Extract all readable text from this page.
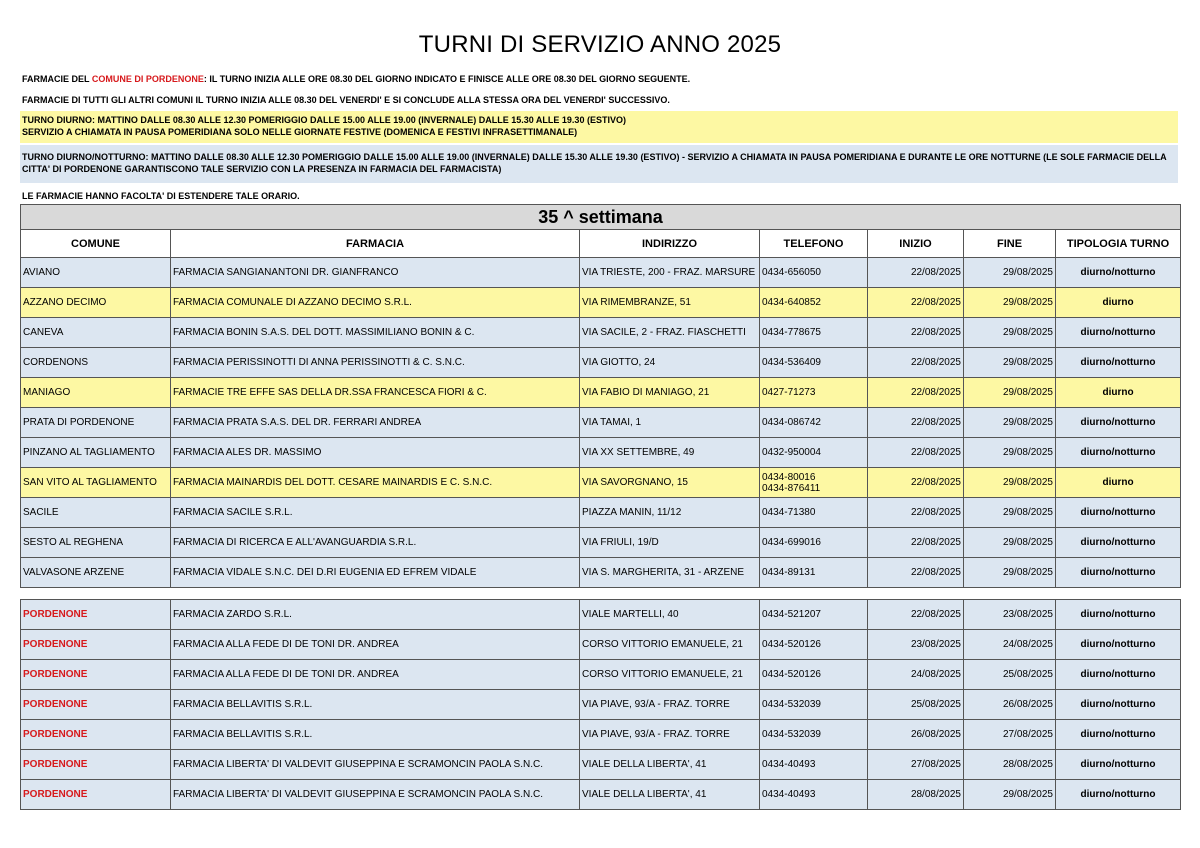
TURNI DI SERVIZIO ANNO 2025
FARMACIE DEL COMUNE DI PORDENONE: IL TURNO INIZIA ALLE ORE 08.30 DEL GIORNO INDICATO E FINISCE ALLE ORE 08.30 DEL GIORNO SEGUENTE.
FARMACIE DI TUTTI GLI ALTRI COMUNI IL TURNO INIZIA ALLE 08.30 DEL VENERDI' E SI CONCLUDE ALLA STESSA ORA DEL VENERDI' SUCCESSIVO.
TURNO DIURNO: MATTINO DALLE 08.30 ALLE 12.30 POMERIGGIO DALLE 15.00 ALLE 19.00 (INVERNALE) DALLE 15.30 ALLE 19.30 (ESTIVO)
SERVIZIO A CHIAMATA IN PAUSA POMERIDIANA SOLO NELLE GIORNATE FESTIVE (DOMENICA E FESTIVI INFRASETTIMANALE)
TURNO DIURNO/NOTTURNO: MATTINO DALLE 08.30 ALLE 12.30 POMERIGGIO DALLE 15.00 ALLE 19.00 (INVERNALE) DALLE 15.30 ALLE 19.30 (ESTIVO) - SERVIZIO A CHIAMATA IN PAUSA POMERIDIANA E DURANTE LE ORE NOTTURNE (LE SOLE FARMACIE DELLA CITTA' DI PORDENONE GARANTISCONO TALE SERVIZIO CON LA PRESENZA IN FARMACIA DEL FARMACISTA)
LE FARMACIE HANNO FACOLTA' DI ESTENDERE TALE ORARIO.
35 ^ settimana						
COMUNE	FARMACIA	INDIRIZZO	TELEFONO	INIZIO	FINE	TIPOLOGIA TURNO
AVIANO	FARMACIA SANGIANANTONI DR. GIANFRANCO	VIA TRIESTE, 200 - FRAZ. MARSURE	0434-656050	22/08/2025	29/08/2025	diurno/notturno
AZZANO DECIMO	FARMACIA COMUNALE DI AZZANO DECIMO S.R.L.	VIA RIMEMBRANZE, 51	0434-640852	22/08/2025	29/08/2025	diurno
CANEVA	FARMACIA BONIN S.A.S. DEL DOTT. MASSIMILIANO BONIN & C.	VIA SACILE, 2 - FRAZ. FIASCHETTI	0434-778675	22/08/2025	29/08/2025	diurno/notturno
CORDENONS	FARMACIA PERISSINOTTI DI ANNA PERISSINOTTI & C. S.N.C.	VIA GIOTTO, 24	0434-536409	22/08/2025	29/08/2025	diurno/notturno
MANIAGO	FARMACIE TRE EFFE SAS DELLA DR.SSA FRANCESCA FIORI & C.	VIA FABIO DI MANIAGO, 21	0427-71273	22/08/2025	29/08/2025	diurno
PRATA DI PORDENONE	FARMACIA PRATA S.A.S. DEL DR. FERRARI ANDREA	VIA TAMAI, 1	0434-086742	22/08/2025	29/08/2025	diurno/notturno
PINZANO AL TAGLIAMENTO	FARMACIA ALES DR. MASSIMO	VIA XX SETTEMBRE, 49	0432-950004	22/08/2025	29/08/2025	diurno/notturno
SAN VITO AL TAGLIAMENTO	FARMACIA MAINARDIS DEL DOTT. CESARE MAINARDIS E C. S.N.C.	VIA SAVORGNANO, 15	0434-80016
0434-876411	22/08/2025	29/08/2025	diurno
SACILE	FARMACIA SACILE S.R.L.	PIAZZA MANIN, 11/12	0434-71380	22/08/2025	29/08/2025	diurno/notturno
SESTO AL REGHENA	FARMACIA DI RICERCA E ALL'AVANGUARDIA S.R.L.	VIA FRIULI, 19/D	0434-699016	22/08/2025	29/08/2025	diurno/notturno
VALVASONE ARZENE	FARMACIA VIDALE S.N.C. DEI D.RI EUGENIA ED EFREM VIDALE	VIA S. MARGHERITA, 31 - ARZENE	0434-89131	22/08/2025	29/08/2025	diurno/notturno

PORDENONE	FARMACIA ZARDO S.R.L.	VIALE MARTELLI, 40	0434-521207	22/08/2025	23/08/2025	diurno/notturno
PORDENONE	FARMACIA ALLA FEDE DI DE TONI DR. ANDREA	CORSO VITTORIO EMANUELE, 21	0434-520126	23/08/2025	24/08/2025	diurno/notturno
PORDENONE	FARMACIA ALLA FEDE DI DE TONI DR. ANDREA	CORSO VITTORIO EMANUELE, 21	0434-520126	24/08/2025	25/08/2025	diurno/notturno
PORDENONE	FARMACIA BELLAVITIS S.R.L.	VIA PIAVE, 93/A - FRAZ. TORRE	0434-532039	25/08/2025	26/08/2025	diurno/notturno
PORDENONE	FARMACIA BELLAVITIS S.R.L.	VIA PIAVE, 93/A - FRAZ. TORRE	0434-532039	26/08/2025	27/08/2025	diurno/notturno
PORDENONE	FARMACIA LIBERTA' DI VALDEVIT GIUSEPPINA E SCRAMONCIN PAOLA S.N.C.	VIALE DELLA LIBERTA', 41	0434-40493	27/08/2025	28/08/2025	diurno/notturno
PORDENONE	FARMACIA LIBERTA' DI VALDEVIT GIUSEPPINA E SCRAMONCIN PAOLA S.N.C.	VIALE DELLA LIBERTA', 41	0434-40493	28/08/2025	29/08/2025	diurno/notturno
